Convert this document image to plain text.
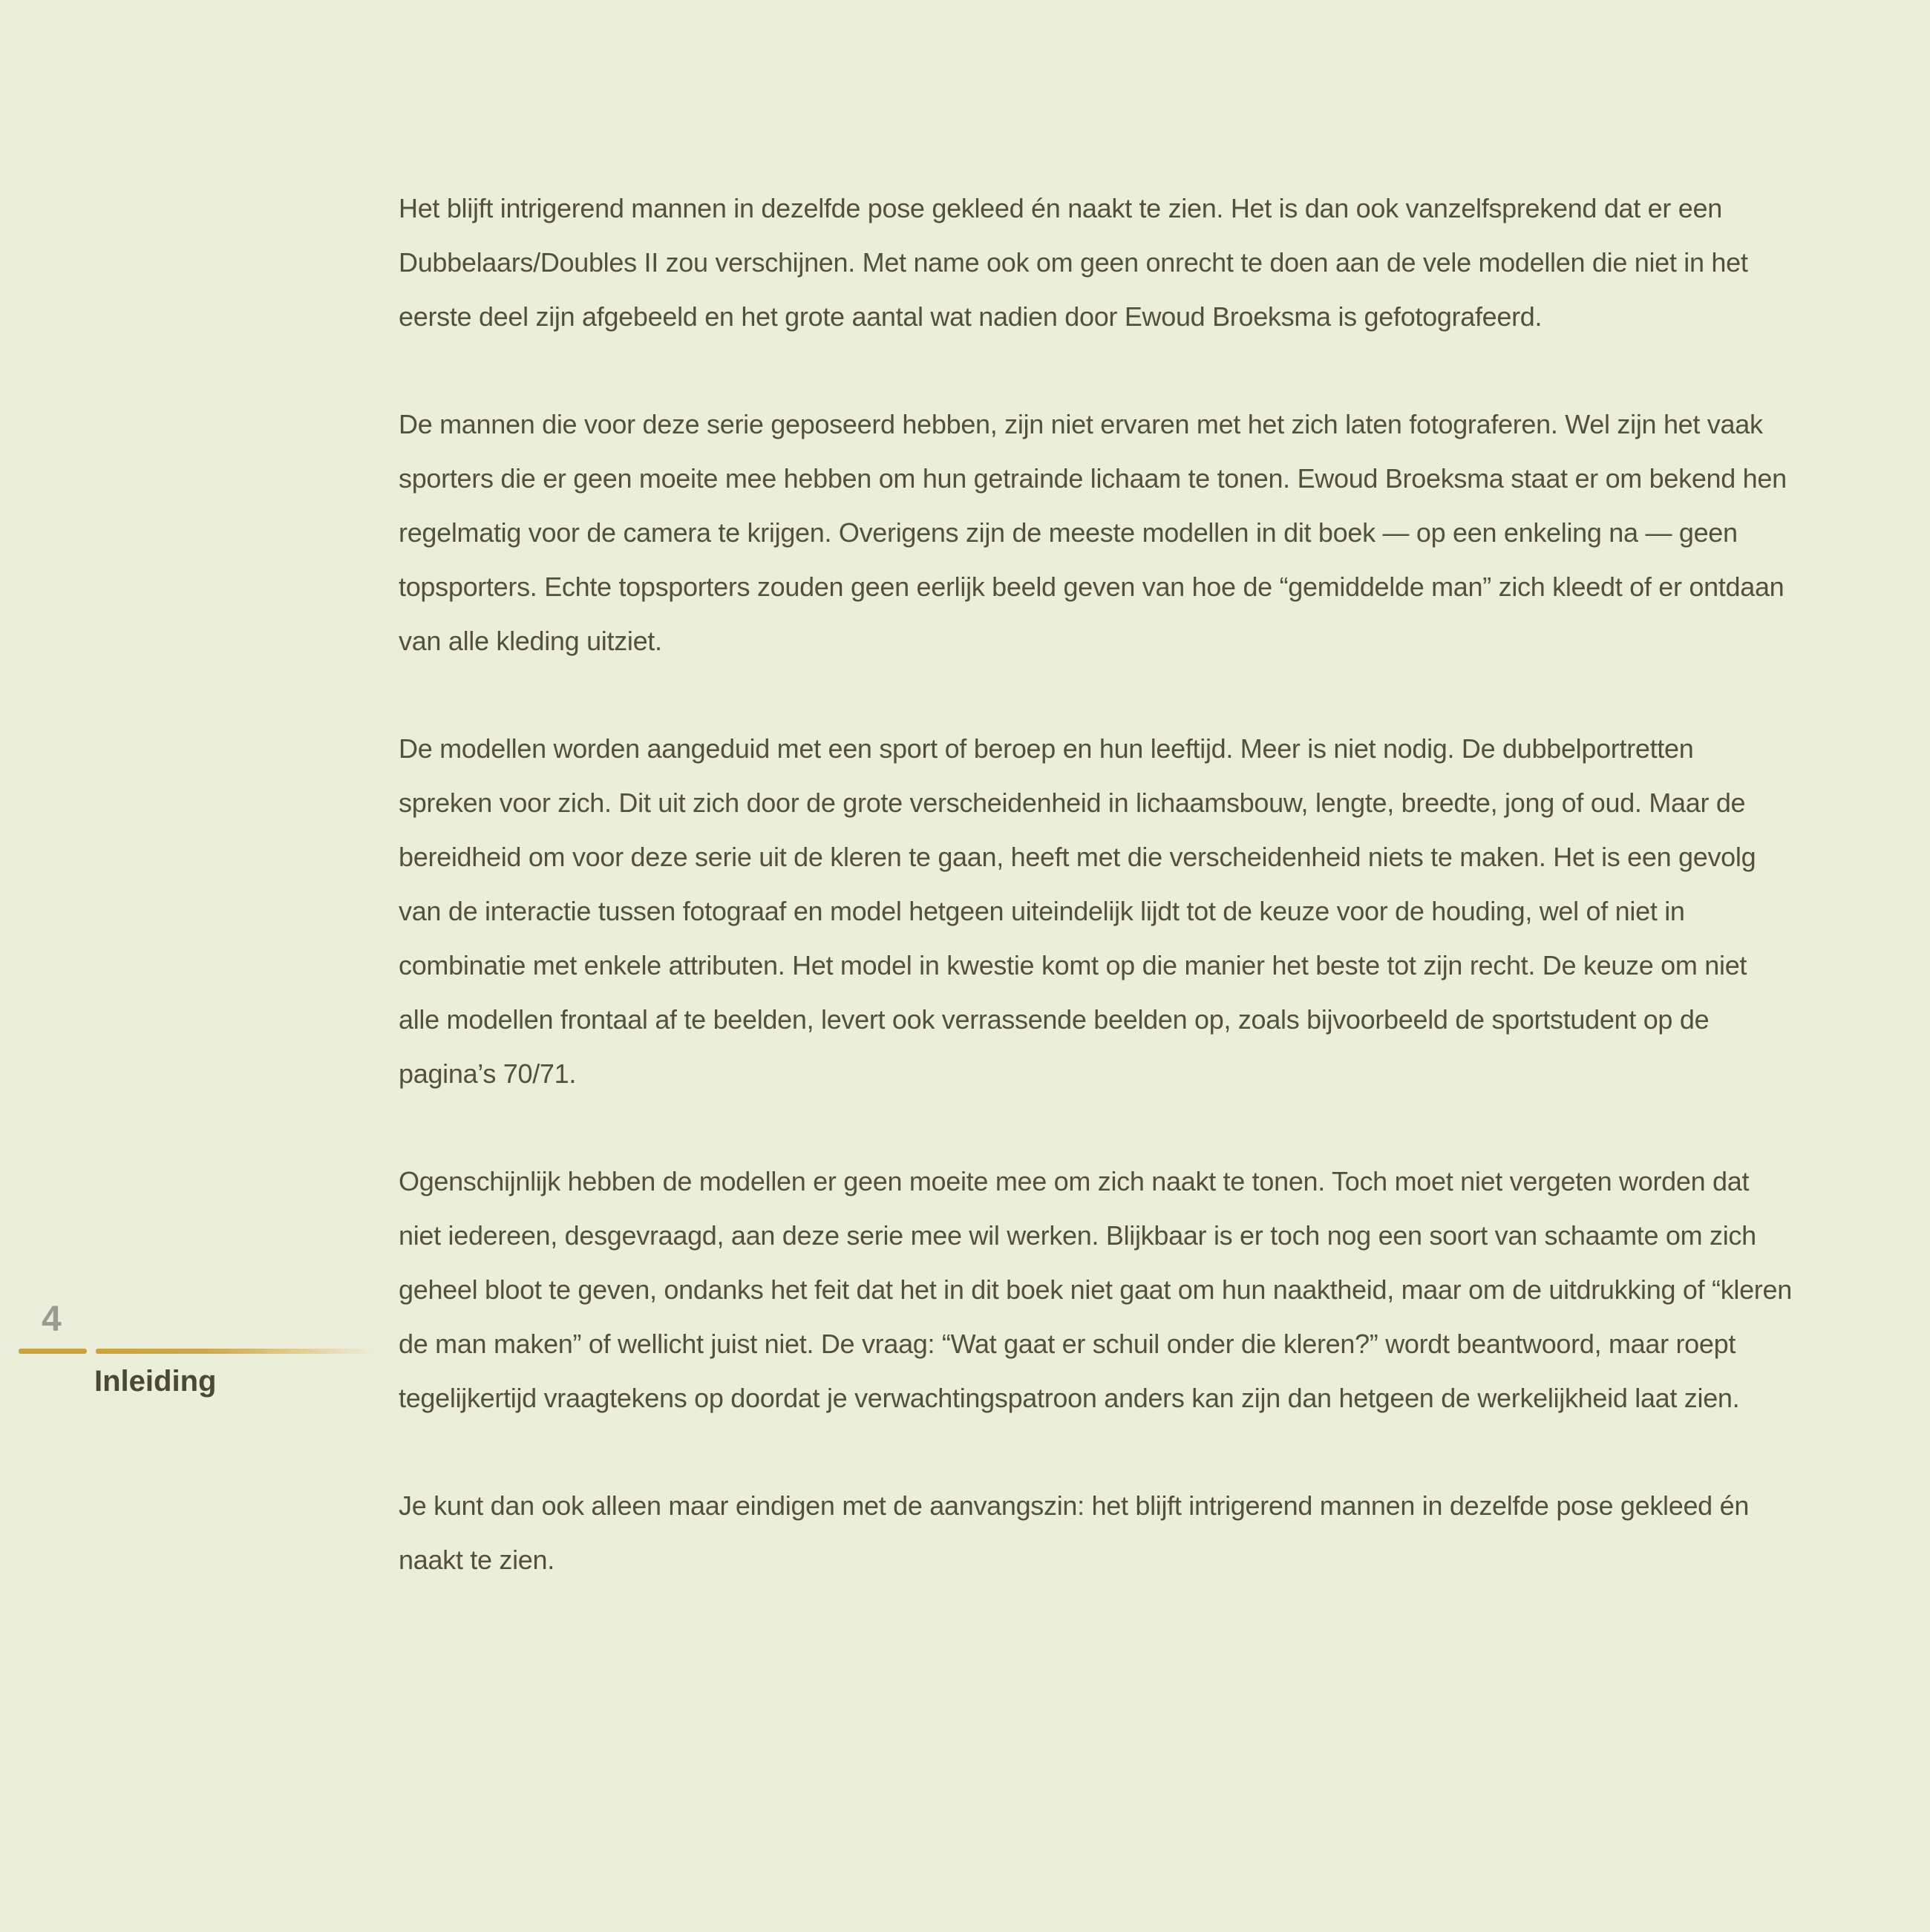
4
Inleiding

Het blijft intrigerend mannen in dezelfde pose gekleed én naakt te zien. Het is dan ook vanzelfsprekend dat er een Dubbelaars/Doubles II zou verschijnen. Met name ook om geen onrecht te doen aan de vele modellen die niet in het eerste deel zijn afgebeeld en het grote aantal wat nadien door Ewoud Broeksma is gefotografeerd.

De mannen die voor deze serie geposeerd hebben, zijn niet ervaren met het zich laten fotograferen. Wel zijn het vaak sporters die er geen moeite mee hebben om hun getrainde lichaam te tonen. Ewoud Broeksma staat er om bekend hen regelmatig voor de camera te krijgen. Overigens zijn de meeste modellen in dit boek — op een enkeling na — geen topsporters. Echte topsporters zouden geen eerlijk beeld geven van hoe de “gemiddelde man” zich kleedt of er ontdaan van alle kleding uitziet.

De modellen worden aangeduid met een sport of beroep en hun leeftijd. Meer is niet nodig. De dubbelportretten spreken voor zich. Dit uit zich door de grote verscheidenheid in lichaamsbouw, lengte, breedte, jong of oud. Maar de bereidheid om voor deze serie uit de kleren te gaan, heeft met die verscheidenheid niets te maken. Het is een gevolg van de interactie tussen fotograaf en model hetgeen uiteindelijk lijdt tot de keuze voor de houding, wel of niet in combinatie met enkele attributen. Het model in kwestie komt op die manier het beste tot zijn recht. De keuze om niet alle modellen frontaal af te beelden, levert ook verrassende beelden op, zoals bijvoorbeeld de sportstudent op de pagina’s 70/71.

Ogenschijnlijk hebben de modellen er geen moeite mee om zich naakt te tonen. Toch moet niet vergeten worden dat niet iedereen, desgevraagd, aan deze serie mee wil werken. Blijkbaar is er toch nog een soort van schaamte om zich geheel bloot te geven, ondanks het feit dat het in dit boek niet gaat om hun naaktheid, maar om de uitdrukking of “kleren de man maken” of wellicht juist niet. De vraag: “Wat gaat er schuil onder die kleren?” wordt beantwoord, maar roept tegelijkertijd vraagtekens op doordat je verwachtingspatroon anders kan zijn dan hetgeen de werkelijkheid laat zien.

Je kunt dan ook alleen maar eindigen met de aanvangszin: het blijft intrigerend mannen in dezelfde pose gekleed én naakt te zien.
